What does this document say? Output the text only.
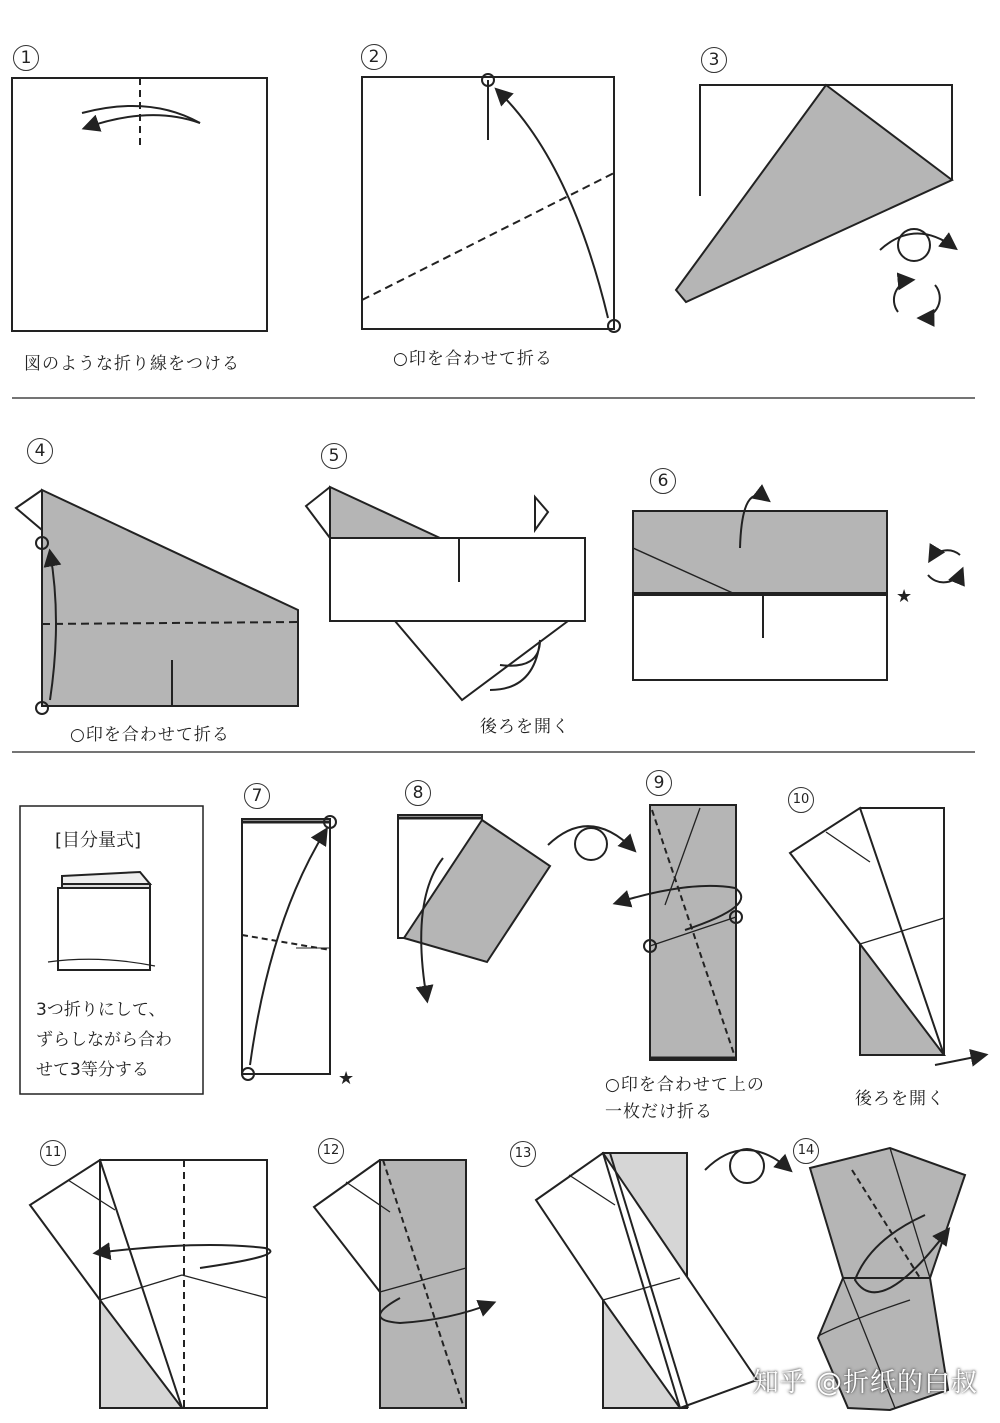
1	2	3
4	5
6
7	8	9
10
11	12	13	14
図のような折り線をつける	○印を合わせて折る
○印を合わせて折る	後ろを開く
○印を合わせて上の
一枚だけ折る
後ろを開く
[目分量式]
3つ折りにして、
ずらしながら合わ
せて3等分する
★
★
知乎 @折纸的白叔
